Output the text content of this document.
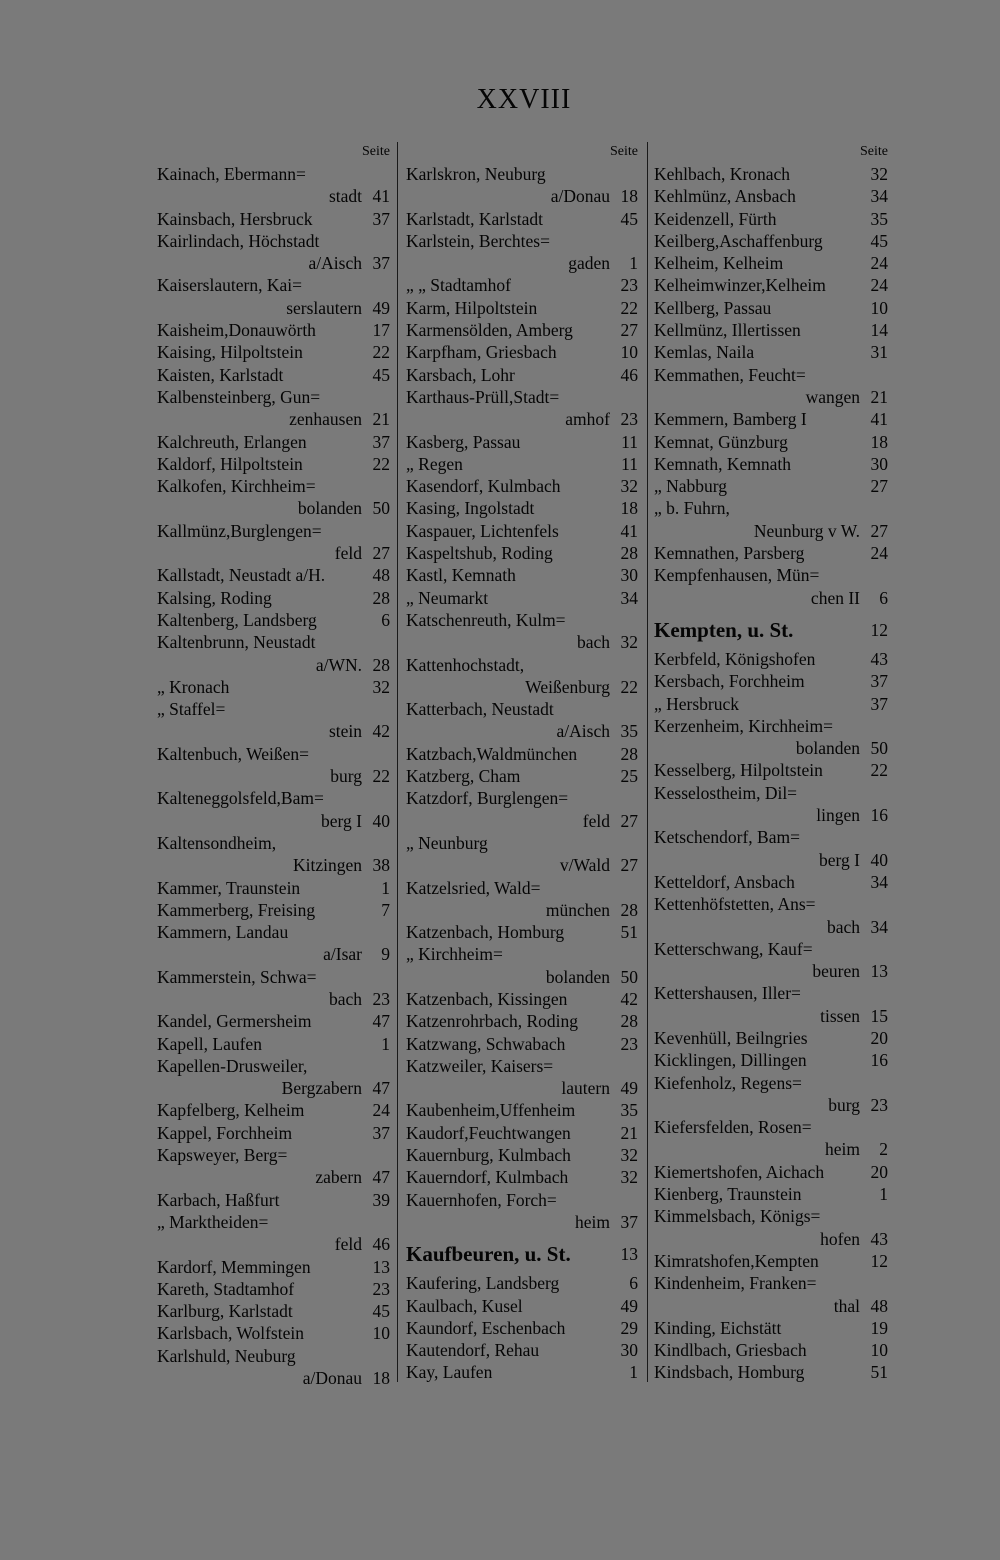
XXVIII
Seite
Kainach, Ebermann=
stadt 41
Kainsbach, Hersbruck	37
Kairlindach, Höchstadt
a/Aisch 37
Kaiserslautern, Kai=
serslautern 49
Kaisheim,Donauwörth	17
Kaising, Hilpoltstein	22
Kaisten, Karlstadt	45
Kalbensteinberg, Gun=
zenhausen 21
Kalchreuth, Erlangen	37
Kaldorf, Hilpoltstein	22
Kalkofen, Kirchheim=
bolanden 50
Kallmünz,Burglengen=
feld 27
Kallstadt, Neustadt a/H.	48
Kalsing, Roding	28
Kaltenberg, Landsberg	6
Kaltenbrunn, Neustadt
a/WN. 28
„ Kronach	32
„ Staffel=
stein 42
Kaltenbuch, Weißen=
burg 22
Kalteneggolsfeld,Bam=
berg I 40
Kaltensondheim,
Kitzingen 38
Kammer, Traunstein	1
Kammerberg, Freising	7
Kammern, Landau
a/Isar 9
Kammerstein, Schwa=
bach 23
Kandel, Germersheim	47
Kapell, Laufen	1
Kapellen-Drusweiler,
Bergzabern 47
Kapfelberg, Kelheim	24
Kappel, Forchheim	37
Kapsweyer, Berg=
zabern 47
Karbach, Haßfurt	39
„ Marktheiden=
feld 46
Kardorf, Memmingen	13
Kareth, Stadtamhof	23
Karlburg, Karlstadt	45
Karlsbach, Wolfstein	10
Karlshuld, Neuburg
a/Donau 18
Seite
Karlskron, Neuburg
a/Donau 18
Karlstadt, Karlstadt	45
Karlstein, Berchtes=
gaden 1
„ „ Stadtamhof	23
Karm, Hilpoltstein	22
Karmensölden, Amberg	27
Karpfham, Griesbach	10
Karsbach, Lohr	46
Karthaus-Prüll,Stadt=
amhof 23
Kasberg, Passau	11
„ Regen	11
Kasendorf, Kulmbach	32
Kasing, Ingolstadt	18
Kaspauer, Lichtenfels	41
Kaspeltshub, Roding	28
Kastl, Kemnath	30
„ Neumarkt	34
Katschenreuth, Kulm=
bach 32
Kattenhochstadt,
Weißenburg 22
Katterbach, Neustadt
a/Aisch 35
Katzbach,Waldmünchen 28
Katzberg, Cham	25
Katzdorf, Burglengen=
feld 27
„ Neunburg
v/Wald 27
Katzelsried, Wald=
münchen 28
Katzenbach, Homburg	51
„ Kirchheim=
bolanden 50
Katzenbach, Kissingen	42
Katzenrohrbach, Roding 28
Katzwang, Schwabach	23
Katzweiler, Kaisers=
lautern 49
Kaubenheim,Uffenheim	35
Kaudorf,Feuchtwangen	21
Kauernburg, Kulmbach	32
Kauerndorf, Kulmbach	32
Kauernhofen, Forch=
heim 37
Kaufbeuren, u. St.	13
Kaufering, Landsberg	6
Kaulbach, Kusel	49
Kaundorf, Eschenbach	29
Kautendorf, Rehau	30
Kay, Laufen	1
Seite
Kehlbach, Kronach	32
Kehlmünz, Ansbach	34
Keidenzell, Fürth	35
Keilberg,Aschaffenburg	45
Kelheim, Kelheim	24
Kelheimwinzer,Kelheim	24
Kellberg, Passau	10
Kellmünz, Illertissen	14
Kemlas, Naila	31
Kemmathen, Feucht=
wangen 21
Kemmern, Bamberg I	41
Kemnat, Günzburg	18
Kemnath, Kemnath	30
„ Nabburg	27
„ b. Fuhrn,
Neunburg v W. 27
Kemnathen, Parsberg	24
Kempfenhausen, Mün=
chen II 6
Kempten, u. St.	12
Kerbfeld, Königshofen	43
Kersbach, Forchheim	37
„ Hersbruck	37
Kerzenheim, Kirchheim=
bolanden 50
Kesselberg, Hilpoltstein	22
Kesselostheim, Dil=
lingen 16
Ketschendorf, Bam=
berg I 40
Ketteldorf, Ansbach	34
Kettenhöfstetten, Ans=
bach 34
Ketterschwang, Kauf=
beuren 13
Kettershausen, Iller=
tissen 15
Kevenhüll, Beilngries	20
Kicklingen, Dillingen	16
Kiefenholz, Regens=
burg 23
Kiefersfelden, Rosen=
heim 2
Kiemertshofen, Aichach	20
Kienberg, Traunstein	1
Kimmelsbach, Königs=
hofen 43
Kimratshofen,Kempten	12
Kindenheim, Franken=
thal 48
Kinding, Eichstätt	19
Kindlbach, Griesbach	10
Kindsbach, Homburg	51
